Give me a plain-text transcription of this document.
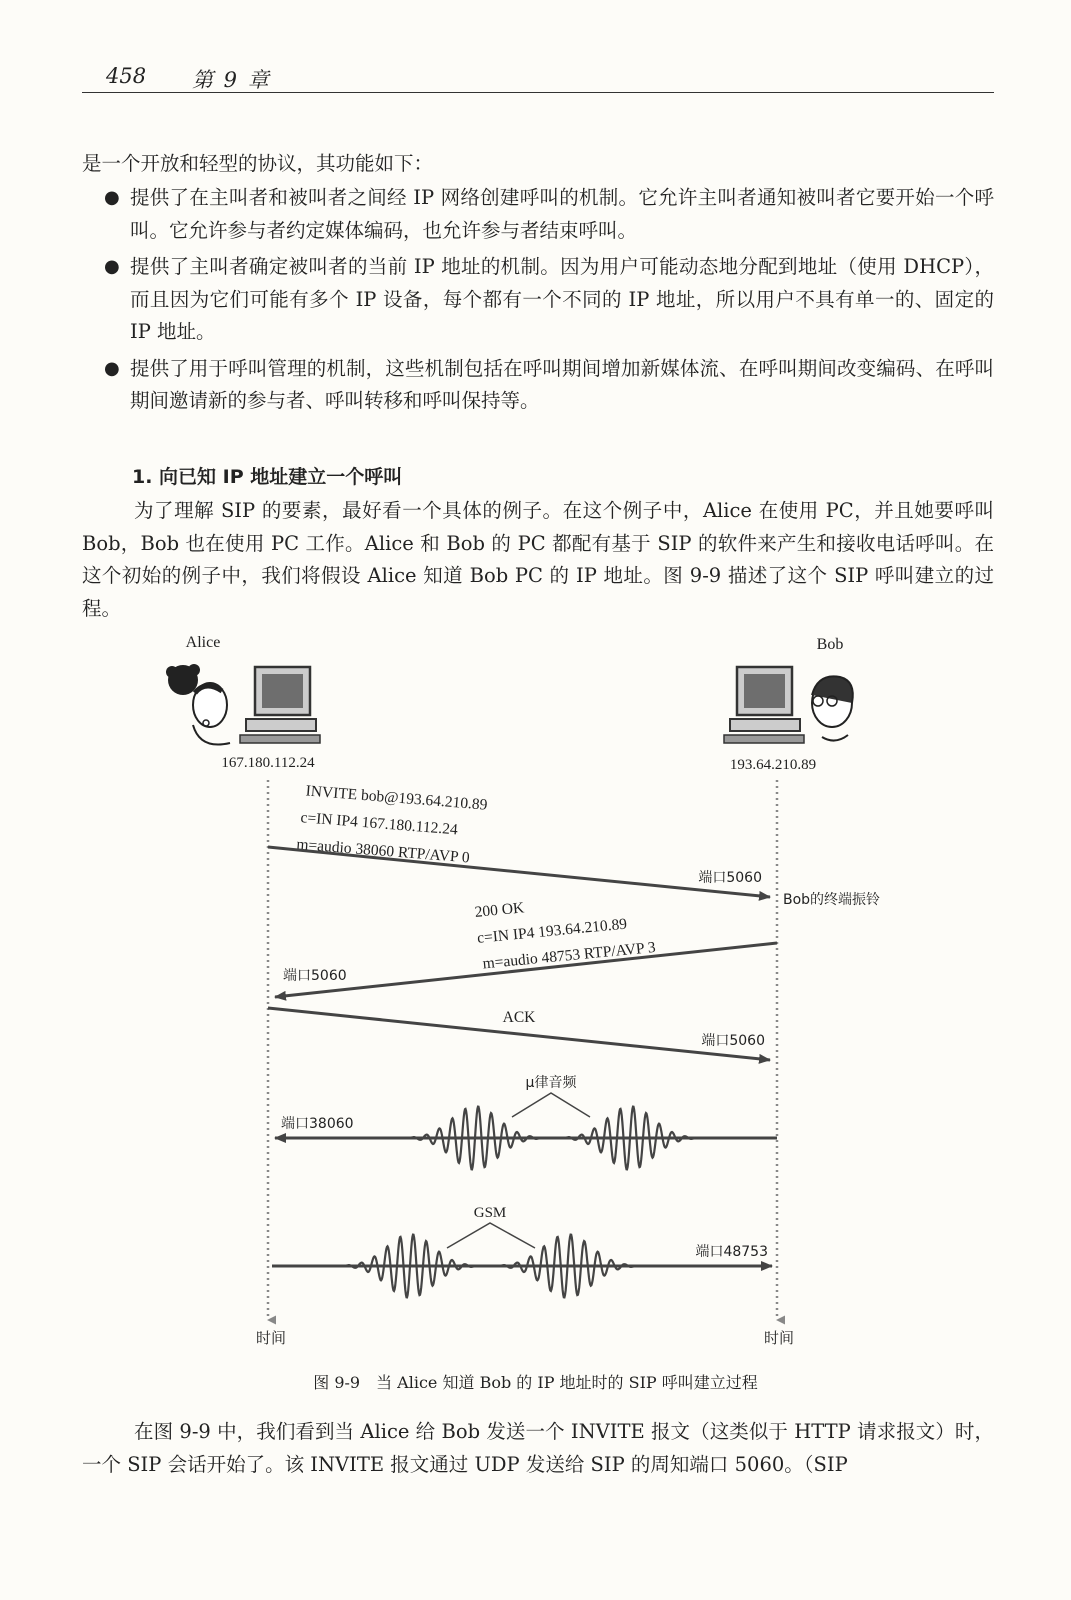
458 第 9 章
是一个开放和轻型的协议，其功能如下：
● 提供了在主叫者和被叫者之间经 IP 网络创建呼叫的机制。它允许主叫者通知被叫者它要开始一个呼叫。它允许参与者约定媒体编码，也允许参与者结束呼叫。
● 提供了主叫者确定被叫者的当前 IP 地址的机制。因为用户可能动态地分配到地址（使用 DHCP），而且因为它们可能有多个 IP 设备，每个都有一个不同的 IP 地址，所以用户不具有单一的、固定的 IP 地址。
● 提供了用于呼叫管理的机制，这些机制包括在呼叫期间增加新媒体流、在呼叫期间改变编码、在呼叫期间邀请新的参与者、呼叫转移和呼叫保持等。
1. 向已知 IP 地址建立一个呼叫
为了理解 SIP 的要素，最好看一个具体的例子。在这个例子中，Alice 在使用 PC，并且她要呼叫 Bob，Bob 也在使用 PC 工作。Alice 和 Bob 的 PC 都配有基于 SIP 的软件来产生和接收电话呼叫。在这个初始的例子中，我们将假设 Alice 知道 Bob PC 的 IP 地址。图 9-9 描述了这个 SIP 呼叫建立的过程。
Alice
167.180.112.24
Bob
193.64.210.89
时间	时间
INVITE bob@193.64.210.89
c=IN IP4 167.180.112.24
m=audio 38060 RTP/AVP 0
端口5060
Bob的终端振铃
200 OK
c=IN IP4 193.64.210.89
m=audio 48753 RTP/AVP 3
端口5060
ACK
端口5060
μ律音频
端口38060
GSM
端口48753
图 9-9　当 Alice 知道 Bob 的 IP 地址时的 SIP 呼叫建立过程
在图 9-9 中，我们看到当 Alice 给 Bob 发送一个 INVITE 报文（这类似于 HTTP 请求报文）时，一个 SIP 会话开始了。该 INVITE 报文通过 UDP 发送给 SIP 的周知端口 5060。（SIP
